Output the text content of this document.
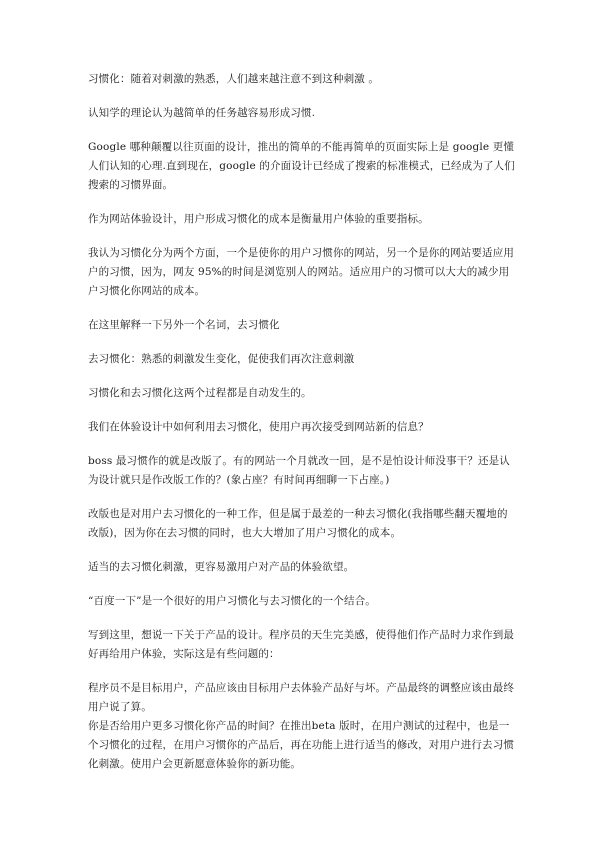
习惯化：随着对刺激的熟悉，人们越来越注意不到这种刺激 。

认知学的理论认为越简单的任务越容易形成习惯.

Google 哪种颠覆以往页面的设计，推出的简单的不能再简单的页面实际上是 google 更懂人们认知的心理.直到现在，google 的介面设计已经成了搜索的标准模式，已经成为了人们搜索的习惯界面。

作为网站体验设计，用户形成习惯化的成本是衡量用户体验的重要指标。

我认为习惯化分为两个方面，一个是使你的用户习惯你的网站，另一个是你的网站要适应用户的习惯，因为，网友 95%的时间是浏览别人的网站。适应用户的习惯可以大大的减少用户习惯化你网站的成本。

在这里解释一下另外一个名词，去习惯化

去习惯化：熟悉的刺激发生变化，促使我们再次注意刺激

习惯化和去习惯化这两个过程都是自动发生的。

我们在体验设计中如何利用去习惯化，使用户再次接受到网站新的信息？

boss 最习惯作的就是改版了。有的网站一个月就改一回，是不是怕设计师没事干？还是认为设计就只是作改版工作的？(象占座？有时间再细聊一下占座。)

改版也是对用户去习惯化的一种工作，但是属于最差的一种去习惯化(我指哪些翻天覆地的改版)，因为你在去习惯的同时，也大大增加了用户习惯化的成本。

适当的去习惯化刺激，更容易激用户对产品的体验欲望。

“百度一下”是一个很好的用户习惯化与去习惯化的一个结合。

写到这里，想说一下关于产品的设计。程序员的天生完美感，使得他们作产品时力求作到最好再给用户体验，实际这是有些问题的：

程序员不是目标用户，产品应该由目标用户去体验产品好与坏。产品最终的调整应该由最终用户说了算。

你是否给用户更多习惯化你产品的时间？在推出beta 版时，在用户测试的过程中，也是一个习惯化的过程，在用户习惯你的产品后，再在功能上进行适当的修改，对用户进行去习惯化刺激。使用户会更新愿意体验你的新功能。
